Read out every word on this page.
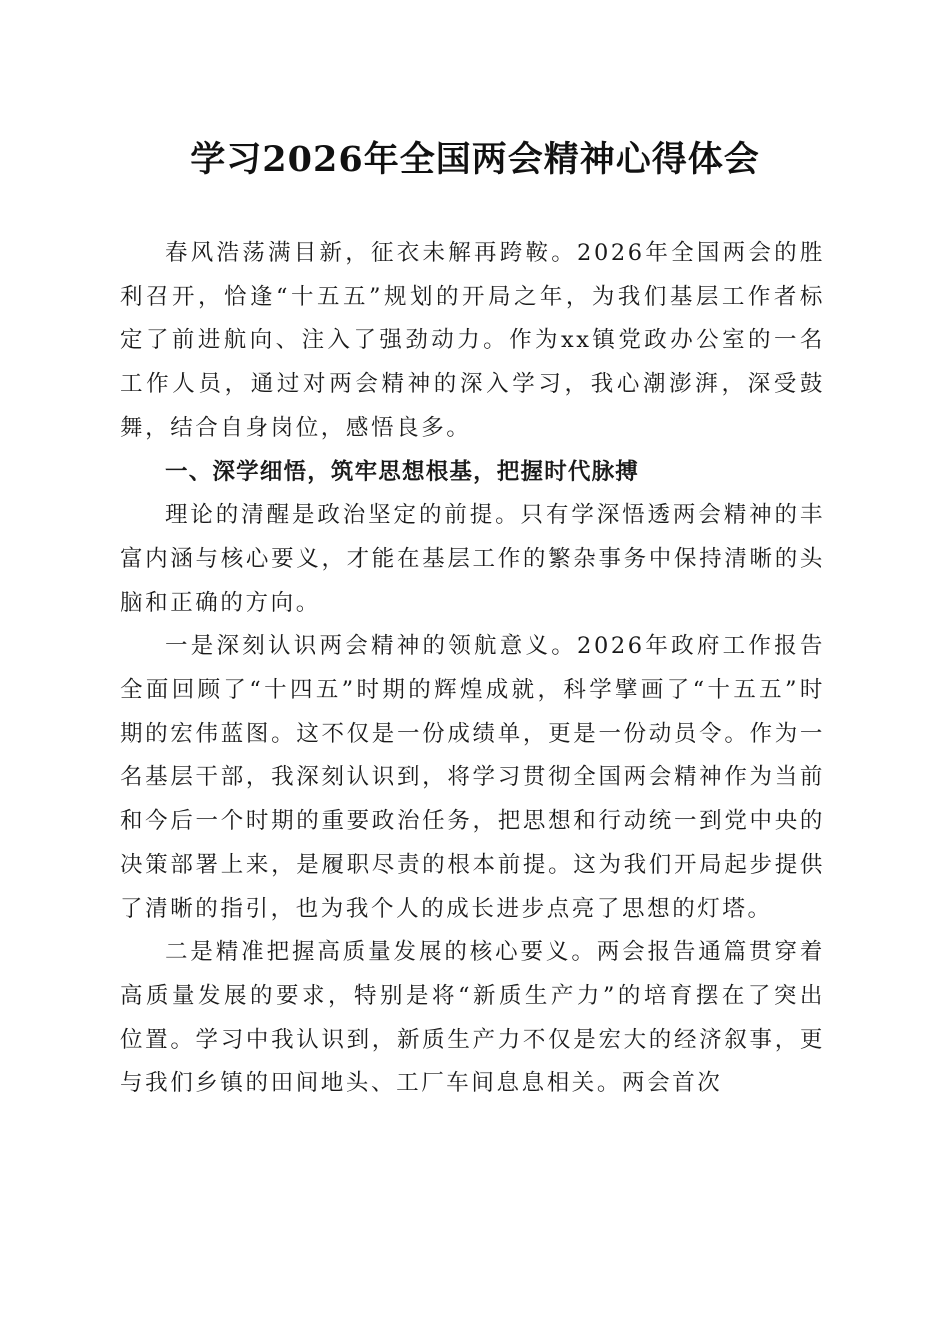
学习2026年全国两会精神心得体会

春风浩荡满目新，征衣未解再跨鞍。2026年全国两会的胜利召开，恰逢“十五五”规划的开局之年，为我们基层工作者标定了前进航向、注入了强劲动力。作为xx镇党政办公室的一名工作人员，通过对两会精神的深入学习，我心潮澎湃，深受鼓舞，结合自身岗位，感悟良多。

一、深学细悟，筑牢思想根基，把握时代脉搏

理论的清醒是政治坚定的前提。只有学深悟透两会精神的丰富内涵与核心要义，才能在基层工作的繁杂事务中保持清晰的头脑和正确的方向。

一是深刻认识两会精神的领航意义。2026年政府工作报告全面回顾了“十四五”时期的辉煌成就，科学擘画了“十五五”时期的宏伟蓝图。这不仅是一份成绩单，更是一份动员令。作为一名基层干部，我深刻认识到，将学习贯彻全国两会精神作为当前和今后一个时期的重要政治任务，把思想和行动统一到党中央的决策部署上来，是履职尽责的根本前提。这为我们开局起步提供了清晰的指引，也为我个人的成长进步点亮了思想的灯塔。

二是精准把握高质量发展的核心要义。两会报告通篇贯穿着高质量发展的要求，特别是将“新质生产力”的培育摆在了突出位置。学习中我认识到，新质生产力不仅是宏大的经济叙事，更与我们乡镇的田间地头、工厂车间息息相关。两会首次
